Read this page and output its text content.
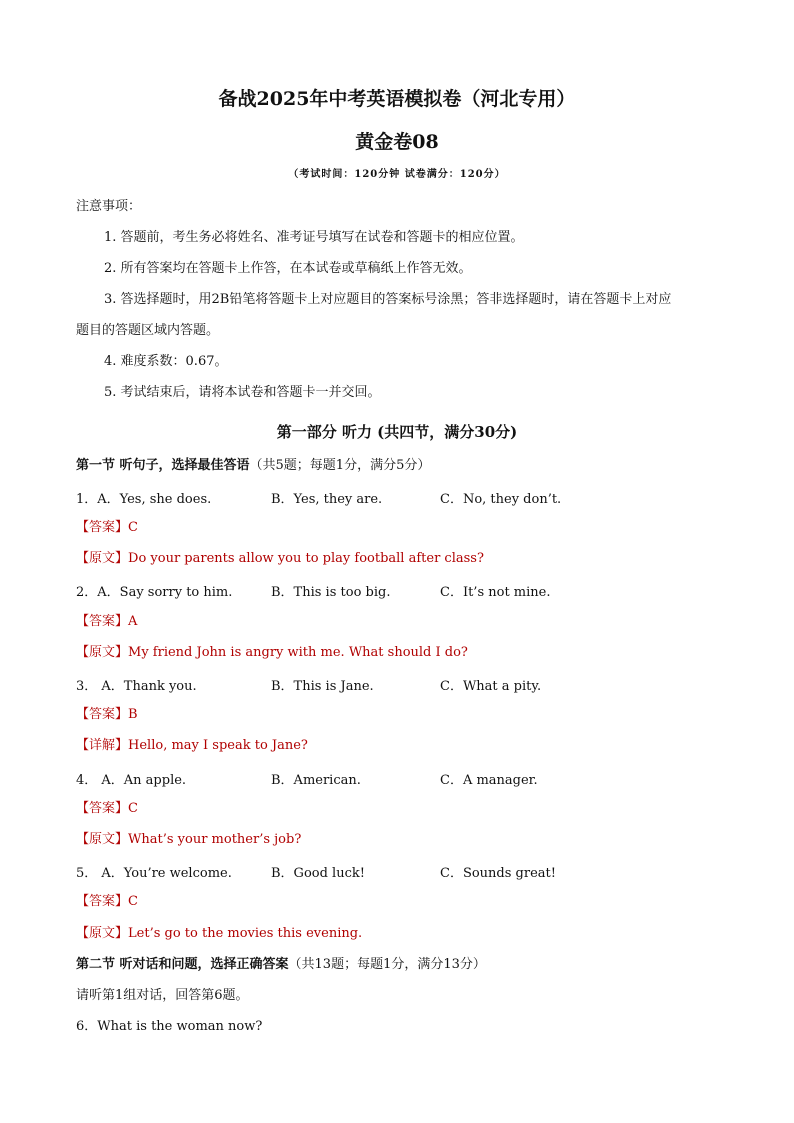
备战2025年中考英语模拟卷（河北专用）
黄金卷08
（考试时间：120分钟 试卷满分：120分）
注意事项：
1. 答题前，考生务必将姓名、准考证号填写在试卷和答题卡的相应位置。
2. 所有答案均在答题卡上作答，在本试卷或草稿纸上作答无效。
3. 答选择题时，用2B铅笔将答题卡上对应题目的答案标号涂黑；答非选择题时，请在答题卡上对应
题目的答题区域内答题。
4. 难度系数：0.67。
5. 考试结束后，请将本试卷和答题卡一并交回。
第一部分 听力 (共四节，满分30分)
第一节 听句子，选择最佳答语（共5题；每题1分，满分5分）
1．A．Yes, she does.	B．Yes, they are.	C．No, they don’t.
【答案】C
【原文】Do your parents allow you to play football after class?
2．A．Say sorry to him.	B．This is too big.	C．It’s not mine.
【答案】A
【原文】My friend John is angry with me. What should I do?
3． A．Thank you.	B．This is Jane.	C．What a pity.
【答案】B
【详解】Hello, may I speak to Jane?
4． A．An apple.	B．American.	C．A manager.
【答案】C
【原文】What’s your mother’s job?
5． A．You’re welcome.	B．Good luck!	C．Sounds great!
【答案】C
【原文】Let’s go to the movies this evening.
第二节 听对话和问题，选择正确答案（共13题；每题1分，满分13分）
请听第1组对话，回答第6题。
6．What is the woman now?
